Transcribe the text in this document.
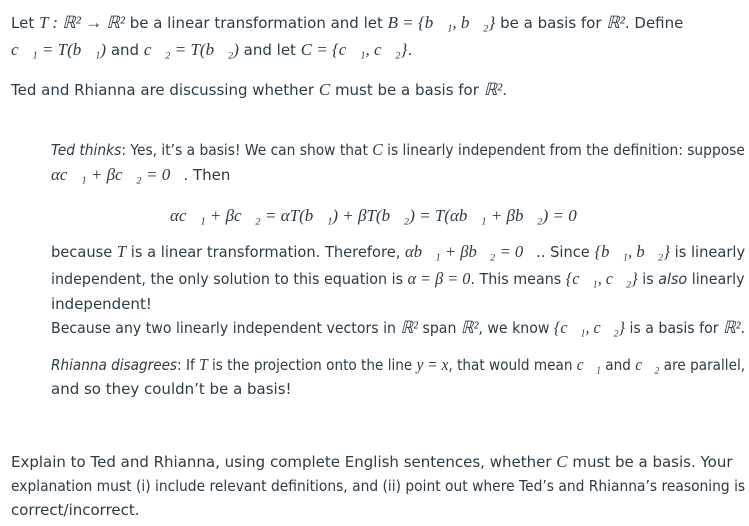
Let T : ℝ² → ℝ² be a linear transformation and let B = {b⃗₁, b⃗₂} be a basis for ℝ². Define
c⃗₁ = T(b⃗₁) and c⃗₂ = T(b⃗₂) and let C = {c⃗₁, c⃗₂}.
Ted and Rhianna are discussing whether C must be a basis for ℝ².
Ted thinks: Yes, it’s a basis! We can show that C is linearly independent from the definition: suppose
αc⃗₁ + βc⃗₂ = 0⃗. Then
αc⃗₁ + βc⃗₂ = αT(b⃗₁) + βT(b⃗₂) = T(αb⃗₁ + βb⃗₂) = 0⃗
because T is a linear transformation. Therefore, αb⃗₁ + βb⃗₂ = 0⃗.. Since {b⃗₁, b⃗₂} is linearly
independent, the only solution to this equation is α = β = 0. This means {c⃗₁, c⃗₂} is also linearly
independent!
Because any two linearly independent vectors in ℝ² span ℝ², we know {c⃗₁, c⃗₂} is a basis for ℝ².
Rhianna disagrees: If T is the projection onto the line y = x, that would mean c⃗₁ and c⃗₂ are parallel,
and so they couldn’t be a basis!
Explain to Ted and Rhianna, using complete English sentences, whether C must be a basis. Your
explanation must (i) include relevant definitions, and (ii) point out where Ted’s and Rhianna’s reasoning is
correct/incorrect.
